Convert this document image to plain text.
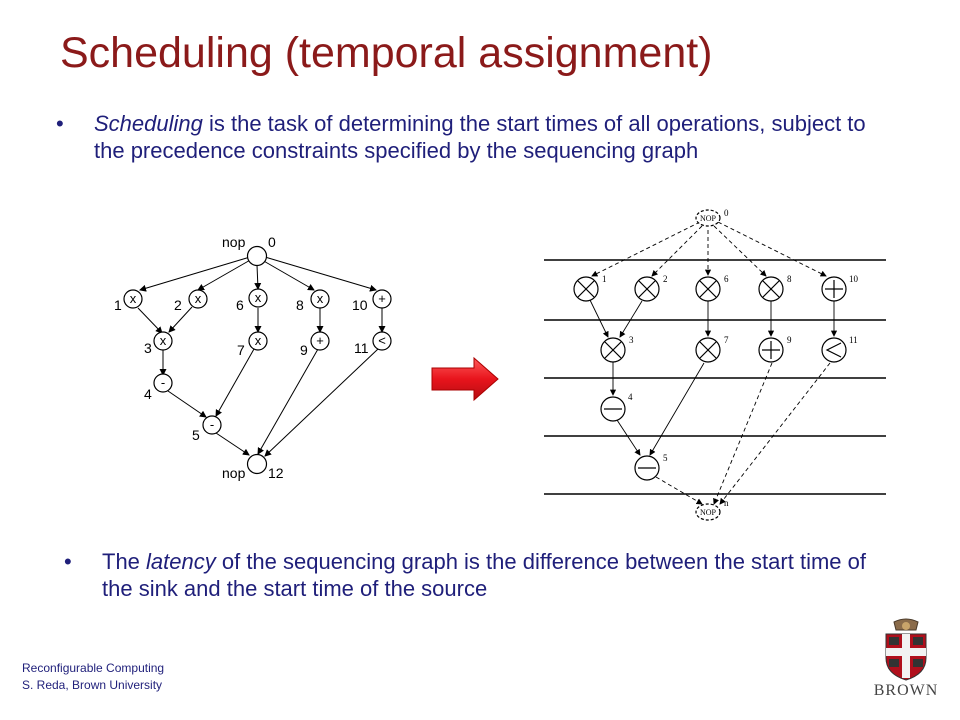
Scheduling (temporal assignment)
• Scheduling is the task of determining the start times of all operations, subject to the precedence constraints specified by the sequencing graph
x	x	x	x	+
x	x	+	<
-
-
nop 0
1	2	6	8	10
3	7	9	11
4
5
nop 12
NOP
0
1	2	6	8	10
3	7	9	11
4
5
NOP
n
• The latency of the sequencing graph is the difference between the start time of the sink and the start time of the source
Reconfigurable Computing
S. Reda, Brown University	BROWN
